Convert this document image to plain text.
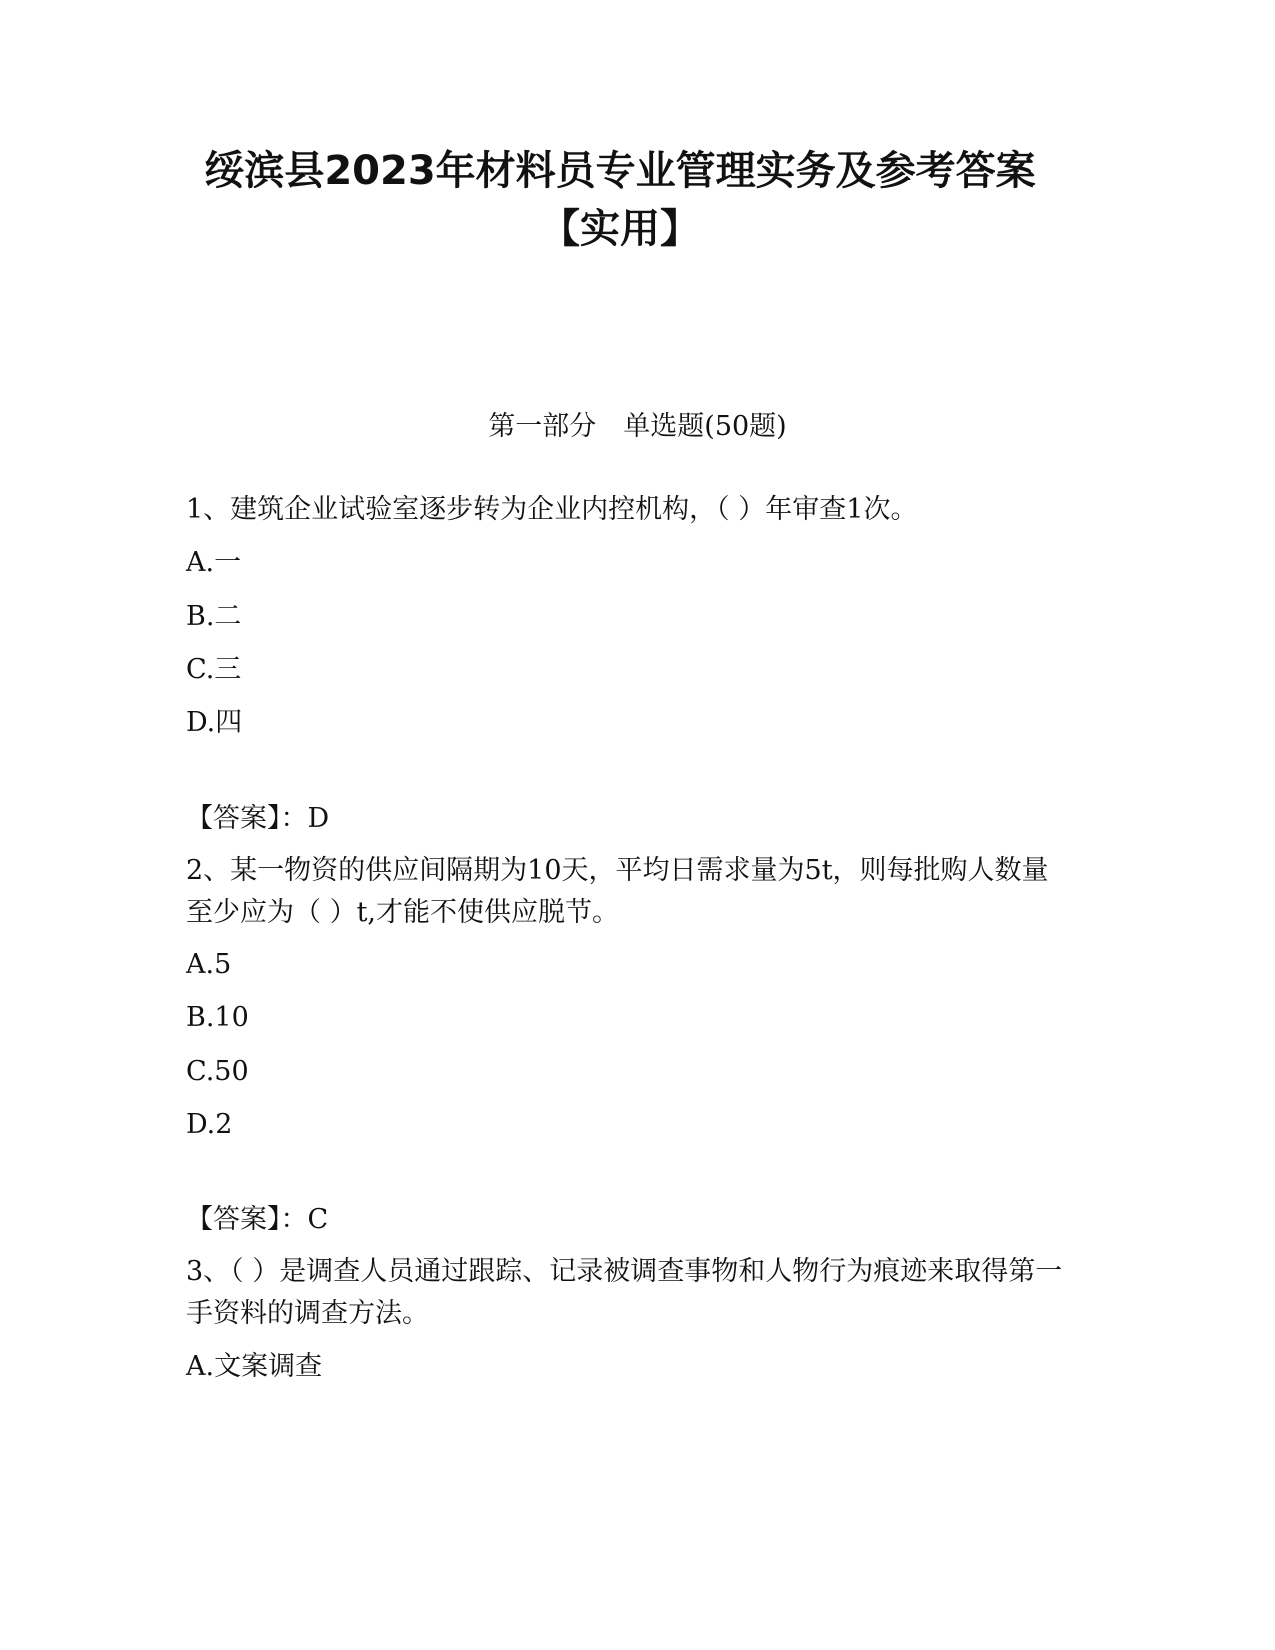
绥滨县2023年材料员专业管理实务及参考答案【实用】

第一部分　单选题(50题)

1、建筑企业试验室逐步转为企业内控机构，（ ）年审查1次。

A.一

B.二

C.三

D.四

【答案】：D

2、某一物资的供应间隔期为10天，平均日需求量为5t，则每批购人数量至少应为（ ）t,才能不使供应脱节。

A.5

B.10

C.50

D.2

【答案】：C

3、（ ）是调查人员通过跟踪、记录被调查事物和人物行为痕迹来取得第一手资料的调查方法。

A.文案调查
